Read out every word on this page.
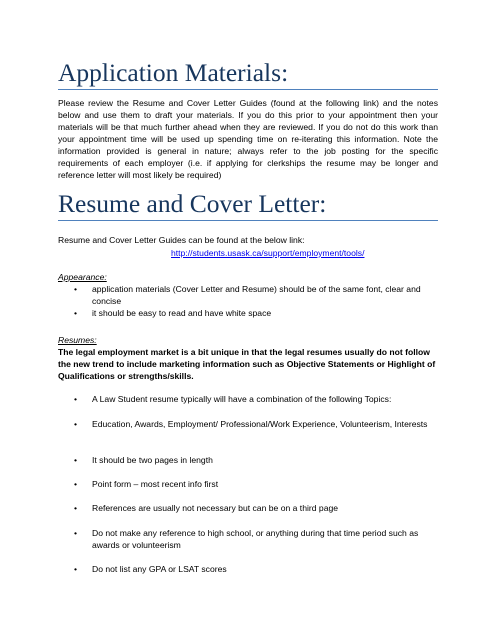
Application Materials:
Please review the Resume and Cover Letter Guides (found at the following link) and the notes below and use them to draft your materials. If you do this prior to your appointment then your materials will be that much further ahead when they are reviewed. If you do not do this work than your appointment time will be used up spending time on re-iterating this information. Note the information provided is general in nature; always refer to the job posting for the specific requirements of each employer (i.e. if applying for clerkships the resume may be longer and reference letter will most likely be required)
Resume and Cover Letter:
Resume and Cover Letter Guides can be found at the below link:
http://students.usask.ca/support/employment/tools/
Appearance:
• application materials (Cover Letter and Resume) should be of the same font, clear and concise
• it should be easy to read and have white space
Resumes:
The legal employment market is a bit unique in that the legal resumes usually do not follow the new trend to include marketing information such as Objective Statements or Highlight of Qualifications or strengths/skills.
• A Law Student resume typically will have a combination of the following Topics:
• Education, Awards, Employment/ Professional/Work Experience, Volunteerism, Interests
• It should be two pages in length
• Point form – most recent info first
• References are usually not necessary but can be on a third page
• Do not make any reference to high school, or anything during that time period such as awards or volunteerism
• Do not list any GPA or LSAT scores
